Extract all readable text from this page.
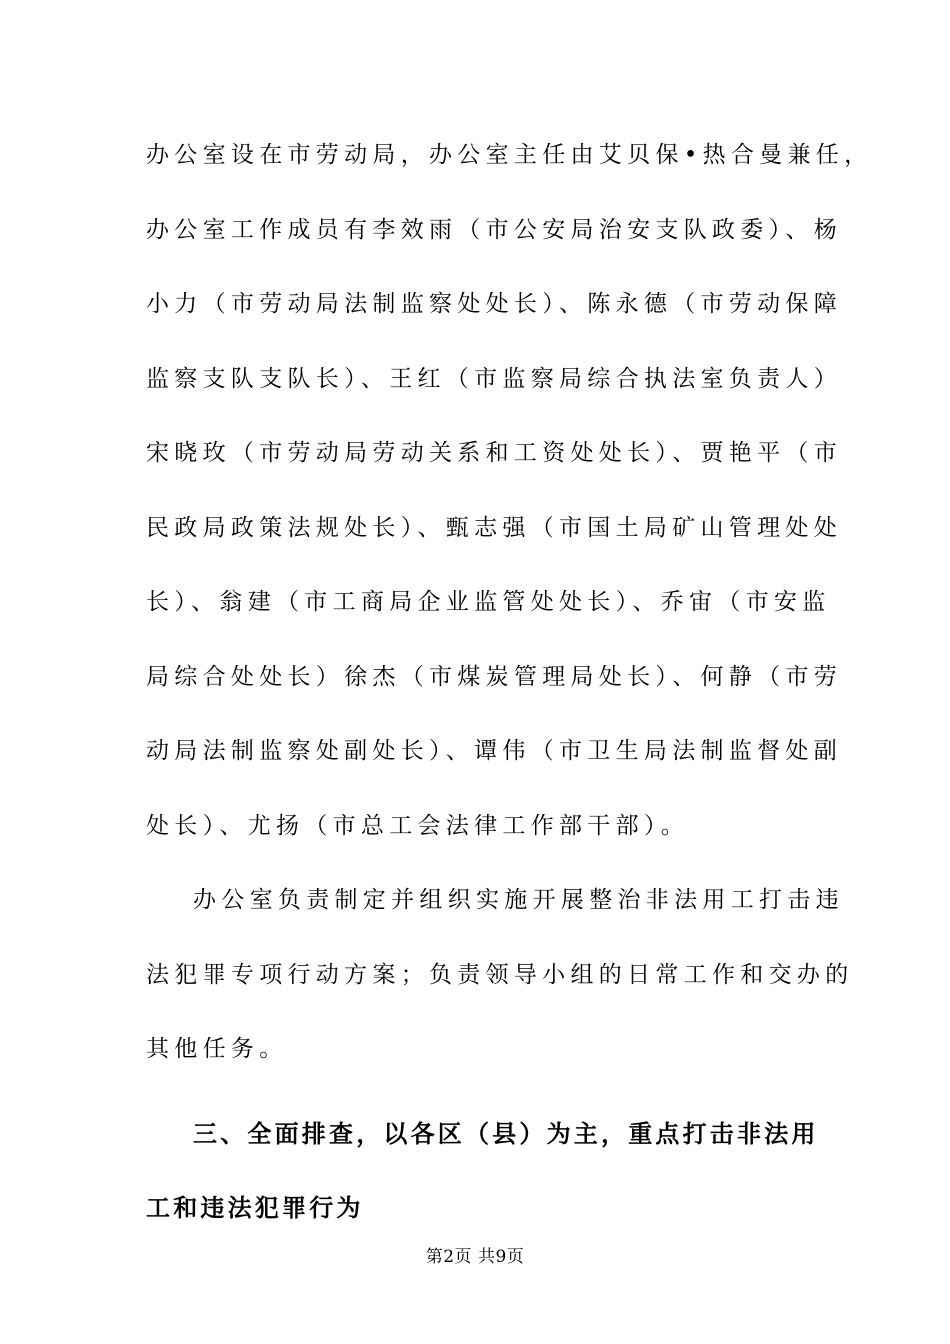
办公室设在市劳动局，办公室主任由艾贝保•热合曼兼任，
办公室工作成员有李效雨（市公安局治安支队政委）、杨
小力（市劳动局法制监察处处长）、陈永德（市劳动保障
监察支队支队长）、王红（市监察局综合执法室负责人）
宋晓玫（市劳动局劳动关系和工资处处长）、贾艳平（市
民政局政策法规处长）、甄志强（市国土局矿山管理处处
长）、翁建（市工商局企业监管处处长）、乔宙（市安监
局综合处处长）徐杰（市煤炭管理局处长）、何静（市劳
动局法制监察处副处长）、谭伟（市卫生局法制监督处副
处长）、尤扬（市总工会法律工作部干部）。
办公室负责制定并组织实施开展整治非法用工打击违
法犯罪专项行动方案；负责领导小组的日常工作和交办的
其他任务。
三、全面排查，以各区（县）为主，重点打击非法用
工和违法犯罪行为
第2页 共9页
